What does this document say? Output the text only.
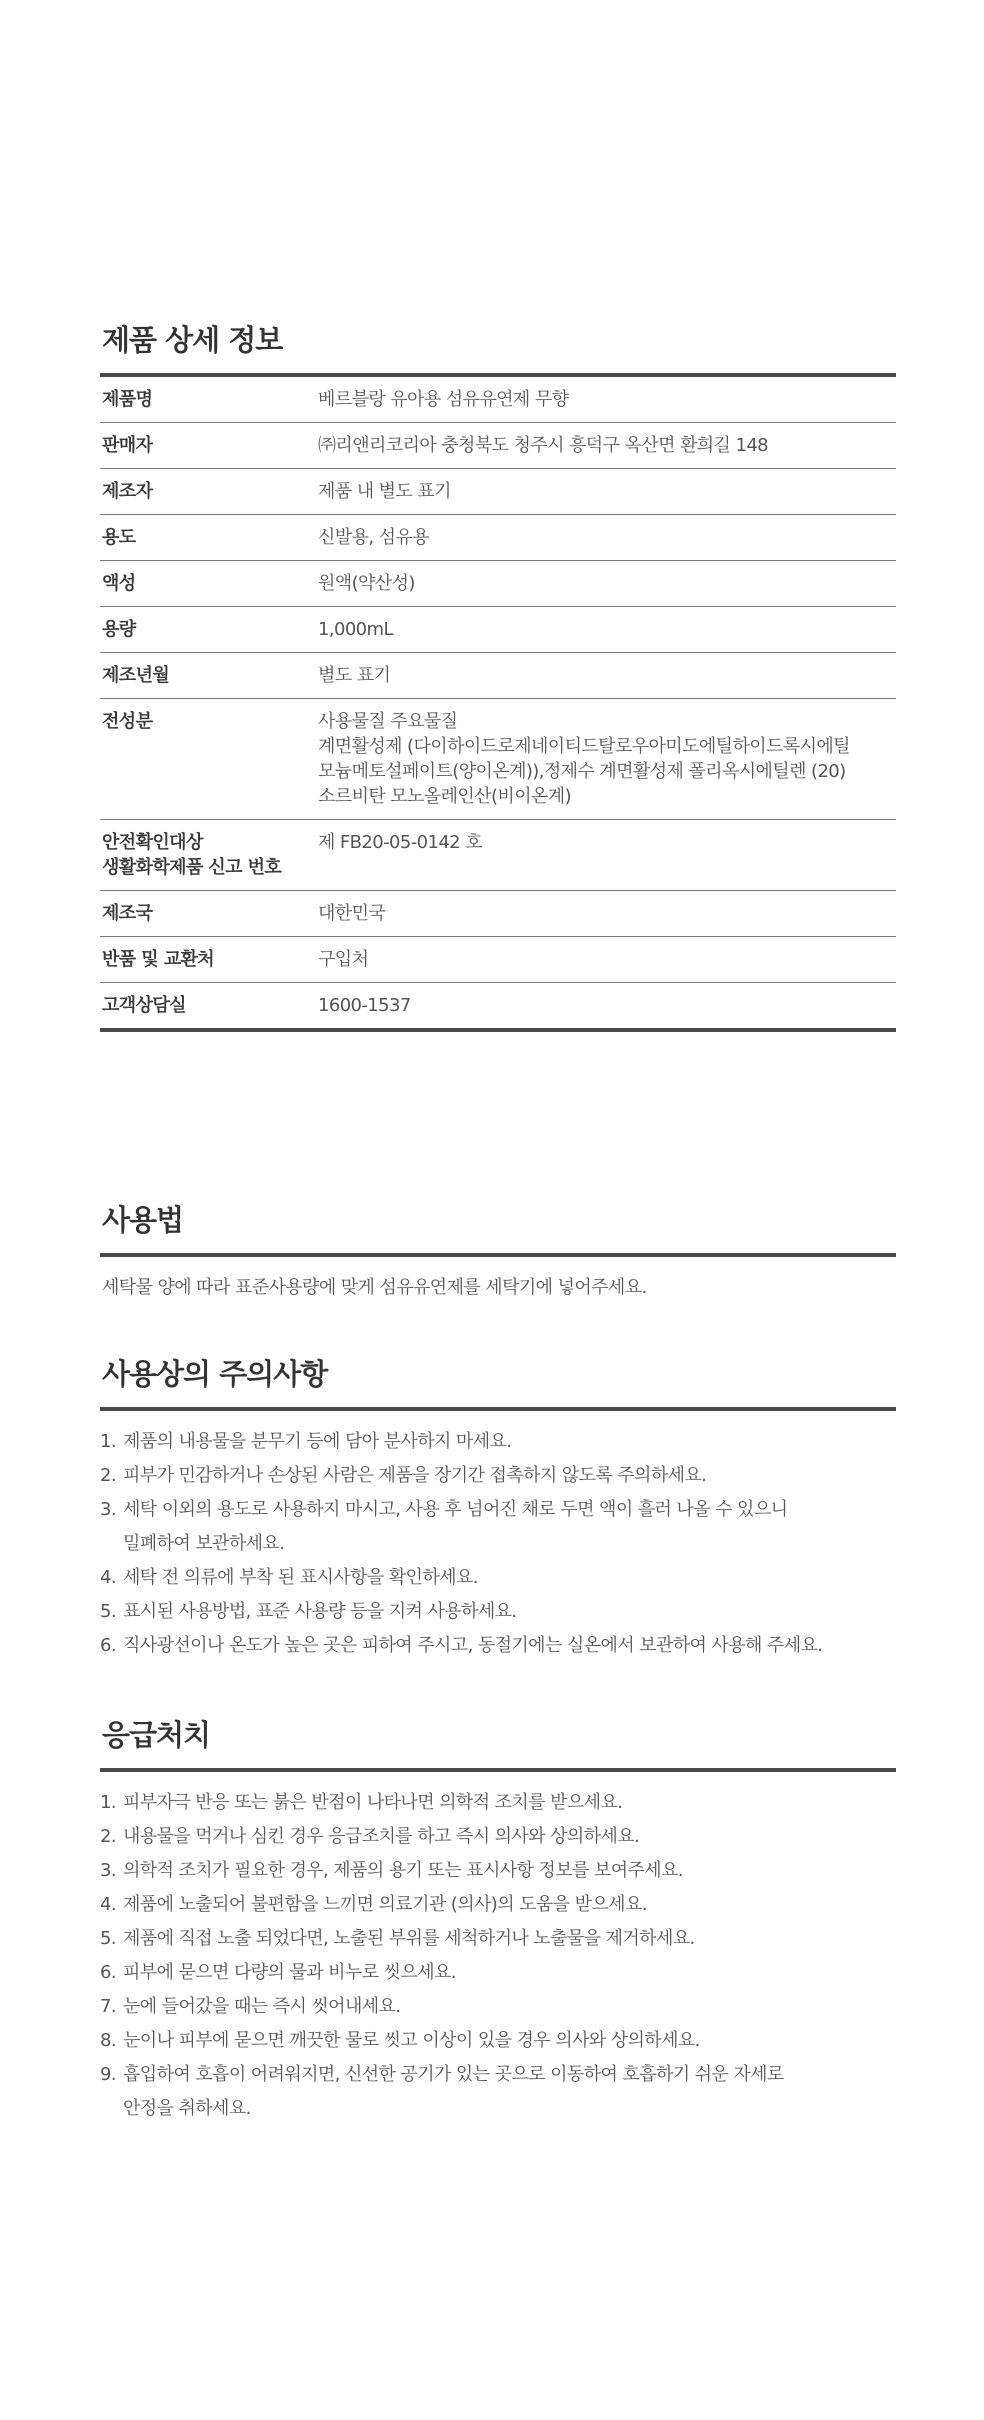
제품 상세 정보
제품명	베르블랑 유아용 섬유유연제 무향

판매자	㈜리앤리코리아 충청북도 청주시 흥덕구 옥산면 환희길 148

제조자	제품 내 별도 표기

용도	신발용, 섬유용

액성	원액(약산성)

용량	1,000mL

제조년월	별도 표기

전성분	사용물질 주요물질
계면활성제 (다이하이드로제네이티드탈로우아미도에틸하이드록시에틸
모늄메토설페이트(양이온계)),정제수 계면활성제 폴리옥시에틸렌 (20)
소르비탄 모노올레인산(비이온계)

안전확인대상
생활화학제품 신고 번호	제 FB20-05-0142 호

제조국	대한민국

반품 및 교환처	구입처

고객상담실	1600-1537
사용법
세탁물 양에 따라 표준사용량에 맞게 섬유유연제를 세탁기에 넣어주세요.
사용상의 주의사항
1. 제품의 내용물을 분무기 등에 담아 분사하지 마세요.
2. 피부가 민감하거나 손상된 사람은 제품을 장기간 접촉하지 않도록 주의하세요.
3. 세탁 이외의 용도로 사용하지 마시고, 사용 후 넘어진 채로 두면 액이 흘러 나올 수 있으니
밀폐하여 보관하세요.
4. 세탁 전 의류에 부착 된 표시사항을 확인하세요.
5. 표시된 사용방법, 표준 사용량 등을 지켜 사용하세요.
6. 직사광선이나 온도가 높은 곳은 피하여 주시고, 동절기에는 실온에서 보관하여 사용해 주세요.
응급처치
1. 피부자극 반응 또는 붉은 반점이 나타나면 의학적 조치를 받으세요.
2. 내용물을 먹거나 심킨 경우 응급조치를 하고 즉시 의사와 상의하세요.
3. 의학적 조치가 필요한 경우, 제품의 용기 또는 표시사항 정보를 보여주세요.
4. 제품에 노출되어 불편함을 느끼면 의료기관 (의사)의 도움을 받으세요.
5. 제품에 직접 노출 되었다면, 노출된 부위를 세척하거나 노출물을 제거하세요.
6. 피부에 묻으면 다량의 물과 비누로 씻으세요.
7. 눈에 들어갔을 때는 즉시 씻어내세요.
8. 눈이나 피부에 묻으면 깨끗한 물로 씻고 이상이 있을 경우 의사와 상의하세요.
9. 흡입하여 호흡이 어려워지면, 신선한 공기가 있는 곳으로 이동하여 호흡하기 쉬운 자세로
안정을 취하세요.
